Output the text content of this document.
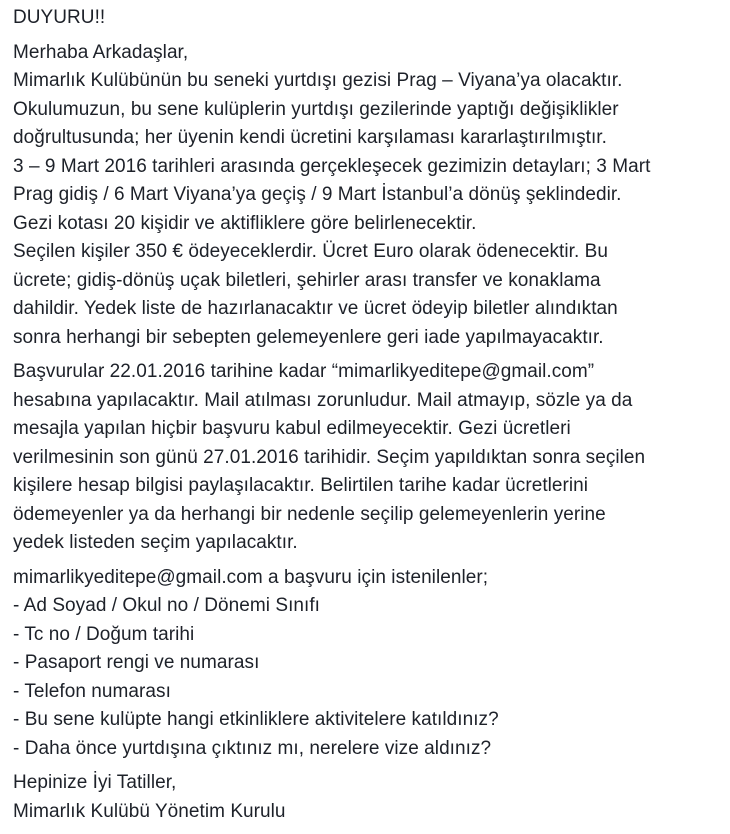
DUYURU!!
Merhaba Arkadaşlar,
Mimarlık Kulübünün bu seneki yurtdışı gezisi Prag – Viyana’ya olacaktır.
Okulumuzun, bu sene kulüplerin yurtdışı gezilerinde yaptığı değişiklikler
doğrultusunda; her üyenin kendi ücretini karşılaması kararlaştırılmıştır.
3 – 9 Mart 2016 tarihleri arasında gerçekleşecek gezimizin detayları; 3 Mart
Prag gidiş / 6 Mart Viyana’ya geçiş / 9 Mart İstanbul’a dönüş şeklindedir.
Gezi kotası 20 kişidir ve aktifliklere göre belirlenecektir.
Seçilen kişiler 350 € ödeyeceklerdir. Ücret Euro olarak ödenecektir. Bu
ücrete; gidiş-dönüş uçak biletleri, şehirler arası transfer ve konaklama
dahildir. Yedek liste de hazırlanacaktır ve ücret ödeyip biletler alındıktan
sonra herhangi bir sebepten gelemeyenlere geri iade yapılmayacaktır.
Başvurular 22.01.2016 tarihine kadar “mimarlikyeditepe@gmail.com”
hesabına yapılacaktır. Mail atılması zorunludur. Mail atmayıp, sözle ya da
mesajla yapılan hiçbir başvuru kabul edilmeyecektir. Gezi ücretleri
verilmesinin son günü 27.01.2016 tarihidir. Seçim yapıldıktan sonra seçilen
kişilere hesap bilgisi paylaşılacaktır. Belirtilen tarihe kadar ücretlerini
ödemeyenler ya da herhangi bir nedenle seçilip gelemeyenlerin yerine
yedek listeden seçim yapılacaktır.
mimarlikyeditepe@gmail.com a başvuru için istenilenler;
- Ad Soyad / Okul no / Dönemi Sınıfı
- Tc no / Doğum tarihi
- Pasaport rengi ve numarası
- Telefon numarası
- Bu sene kulüpte hangi etkinliklere aktivitelere katıldınız?
- Daha önce yurtdışına çıktınız mı, nerelere vize aldınız?
Hepinize İyi Tatiller,
Mimarlık Kulübü Yönetim Kurulu
